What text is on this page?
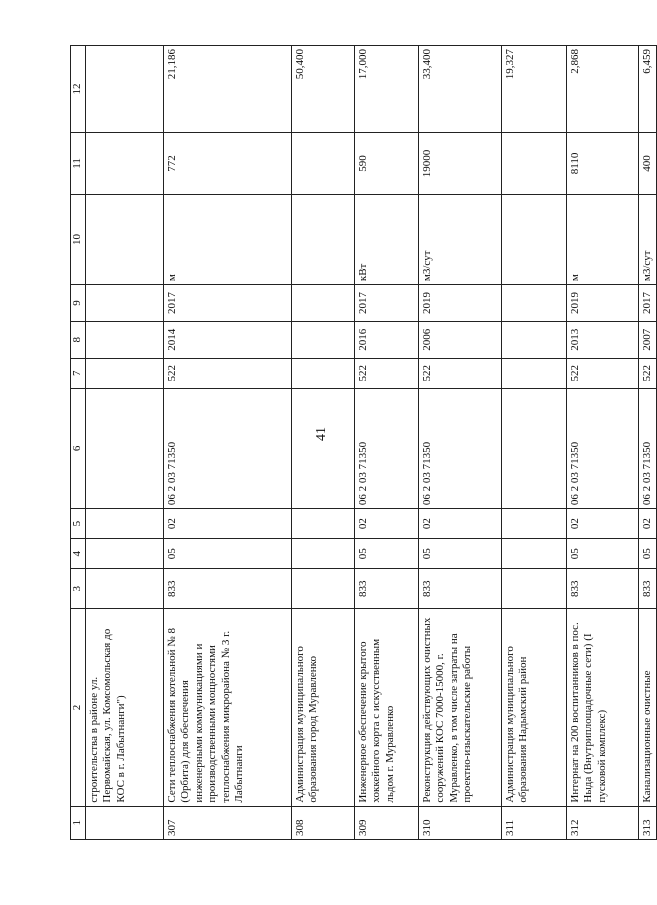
41
1	2	3	4	5	6	7	8	9	10	11	12
	строительства в районе ул. Первомайская, ул. Комсомольская до КОС в г. Лабытнанги")										
307	Сети теплоснабжения котельной № 8 (Орбита) для обеспечения инженерными коммуникациями и производственными мощностями теплоснабжения микрорайона № 3 г. Лабытнанги	833	05	02	06 2 03 71350	522	2014	2017	м	772	21,186
308	Администрация муниципального образования город Муравленко										50,400
309	Инженерное обеспечение крытого хоккейного корта с искусственным льдом г. Муравленко	833	05	02	06 2 03 71350	522	2016	2017	кВт	590	17,000
310	Реконструкция действующих очистных сооружений КОС 7000-15000, г. Муравленко, в том числе затраты на проектно-изыскательские работы	833	05	02	06 2 03 71350	522	2006	2019	м3/сут	19000	33,400
311	Администрация муниципального образования Надымский район										19,327
312	Интернат на 200 воспитанников в пос. Ныда (Внутриплощадочные сети) (I пусковой комплекс)	833	05	02	06 2 03 71350	522	2013	2019	м	8110	2,868
313	Канализационные очистные	833	05	02	06 2 03 71350	522	2007	2017	м3/сут	400	6,459
